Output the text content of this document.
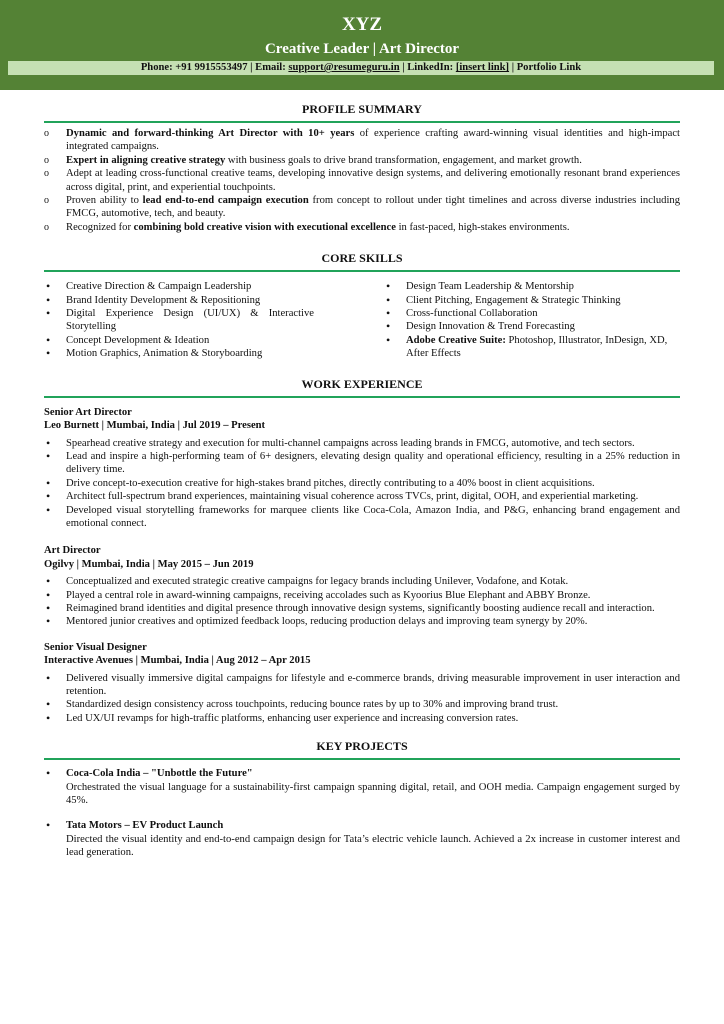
XYZ
Creative Leader | Art Director
Phone: +91 9915553497 | Email: support@resumeguru.in | LinkedIn: [insert link] | Portfolio Link
PROFILE SUMMARY
o Dynamic and forward-thinking Art Director with 10+ years of experience crafting award-winning visual identities and high-impact integrated campaigns.
o Expert in aligning creative strategy with business goals to drive brand transformation, engagement, and market growth.
o Adept at leading cross-functional creative teams, developing innovative design systems, and delivering emotionally resonant brand experiences across digital, print, and experiential touchpoints.
o Proven ability to lead end-to-end campaign execution from concept to rollout under tight timelines and across diverse industries including FMCG, automotive, tech, and beauty.
o Recognized for combining bold creative vision with executional excellence in fast-paced, high-stakes environments.
CORE SKILLS
• Creative Direction & Campaign Leadership
• Brand Identity Development & Repositioning
• Digital Experience Design (UI/UX) & Interactive Storytelling
• Concept Development & Ideation
• Motion Graphics, Animation & Storyboarding
• Design Team Leadership & Mentorship
• Client Pitching, Engagement & Strategic Thinking
• Cross-functional Collaboration
• Design Innovation & Trend Forecasting
• Adobe Creative Suite: Photoshop, Illustrator, InDesign, XD, After Effects
WORK EXPERIENCE
Senior Art Director
Leo Burnett | Mumbai, India | Jul 2019 – Present
• Spearhead creative strategy and execution for multi-channel campaigns across leading brands in FMCG, automotive, and tech sectors.
• Lead and inspire a high-performing team of 6+ designers, elevating design quality and operational efficiency, resulting in a 25% reduction in delivery time.
• Drive concept-to-execution creative for high-stakes brand pitches, directly contributing to a 40% boost in client acquisitions.
• Architect full-spectrum brand experiences, maintaining visual coherence across TVCs, print, digital, OOH, and experiential marketing.
• Developed visual storytelling frameworks for marquee clients like Coca-Cola, Amazon India, and P&G, enhancing brand engagement and emotional connect.
Art Director
Ogilvy | Mumbai, India | May 2015 – Jun 2019
• Conceptualized and executed strategic creative campaigns for legacy brands including Unilever, Vodafone, and Kotak.
• Played a central role in award-winning campaigns, receiving accolades such as Kyoorius Blue Elephant and ABBY Bronze.
• Reimagined brand identities and digital presence through innovative design systems, significantly boosting audience recall and interaction.
• Mentored junior creatives and optimized feedback loops, reducing production delays and improving team synergy by 20%.
Senior Visual Designer
Interactive Avenues | Mumbai, India | Aug 2012 – Apr 2015
• Delivered visually immersive digital campaigns for lifestyle and e-commerce brands, driving measurable improvement in user interaction and retention.
• Standardized design consistency across touchpoints, reducing bounce rates by up to 30% and improving brand trust.
• Led UX/UI revamps for high-traffic platforms, enhancing user experience and increasing conversion rates.
KEY PROJECTS
• Coca-Cola India – "Unbottle the Future"
Orchestrated the visual language for a sustainability-first campaign spanning digital, retail, and OOH media. Campaign engagement surged by 45%.
• Tata Motors – EV Product Launch
Directed the visual identity and end-to-end campaign design for Tata’s electric vehicle launch. Achieved a 2x increase in customer interest and lead generation.
